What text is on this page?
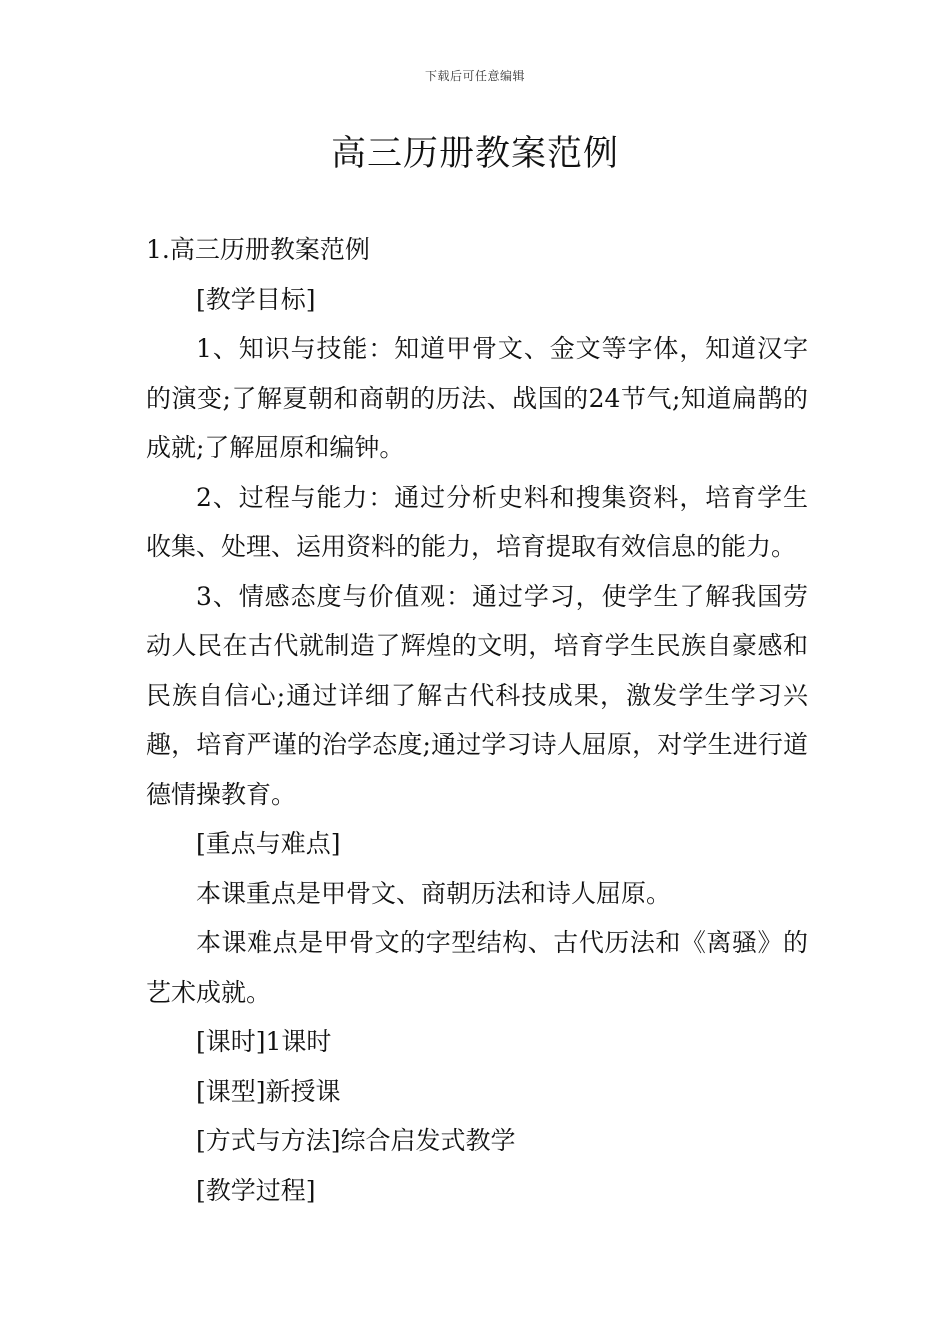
下载后可任意编辑
高三历册教案范例

1.高三历册教案范例

[教学目标]

1、知识与技能：知道甲骨文、金文等字体，知道汉字的演变;了解夏朝和商朝的历法、战国的24节气;知道扁鹊的成就;了解屈原和编钟。

2、过程与能力：通过分析史料和搜集资料，培育学生收集、处理、运用资料的能力，培育提取有效信息的能力。

3、情感态度与价值观：通过学习，使学生了解我国劳动人民在古代就制造了辉煌的文明，培育学生民族自豪感和民族自信心;通过详细了解古代科技成果，激发学生学习兴趣，培育严谨的治学态度;通过学习诗人屈原，对学生进行道德情操教育。

[重点与难点]

本课重点是甲骨文、商朝历法和诗人屈原。

本课难点是甲骨文的字型结构、古代历法和《离骚》的艺术成就。

[课时]1课时

[课型]新授课

[方式与方法]综合启发式教学

[教学过程]
